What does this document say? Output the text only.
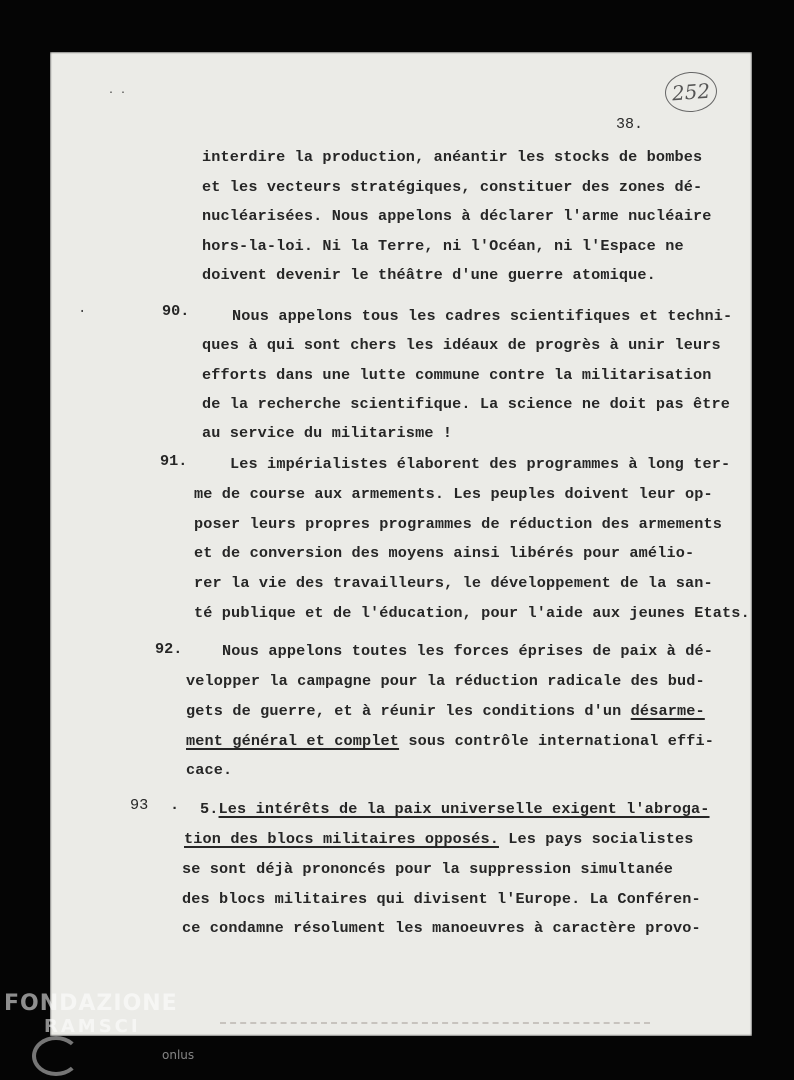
··	252
38.
interdire la production, anéantir les stocks de bombes
et les vecteurs stratégiques, constituer des zones dé-
nucléarisées. Nous appelons à déclarer l'arme nucléaire
hors-la-loi. Ni la Terre, ni l'Océan, ni l'Espace ne
doivent devenir le théâtre d'une guerre atomique.
·	90.	Nous appelons tous les cadres scientifiques et techni-
ques à qui sont chers les idéaux de progrès à unir leurs
efforts dans une lutte commune contre la militarisation
de la recherche scientifique. La science ne doit pas être
au service du militarisme !
91.	Les impérialistes élaborent des programmes à long ter-
me de course aux armements. Les peuples doivent leur op-
poser leurs propres programmes de réduction des armements
et de conversion des moyens ainsi libérés pour amélio-
rer la vie des travailleurs, le développement de la san-
té publique et de l'éducation, pour l'aide aux jeunes Etats.
92.	Nous appelons toutes les forces éprises de paix à dé-
velopper la campagne pour la réduction radicale des bud-
gets de guerre, et à réunir les conditions d'un désarme-
ment général et complet sous contrôle international effi-
cace.
93 . 5.Les intérêts de la paix universelle exigent l'abroga-
tion des blocs militaires opposés. Les pays socialistes
se sont déjà prononcés pour la suppression simultanée
des blocs militaires qui divisent l'Europe. La Conféren-
ce condamne résolument les manoeuvres à caractère provo-
FONDAZIONE
RAMSCI
onlus
